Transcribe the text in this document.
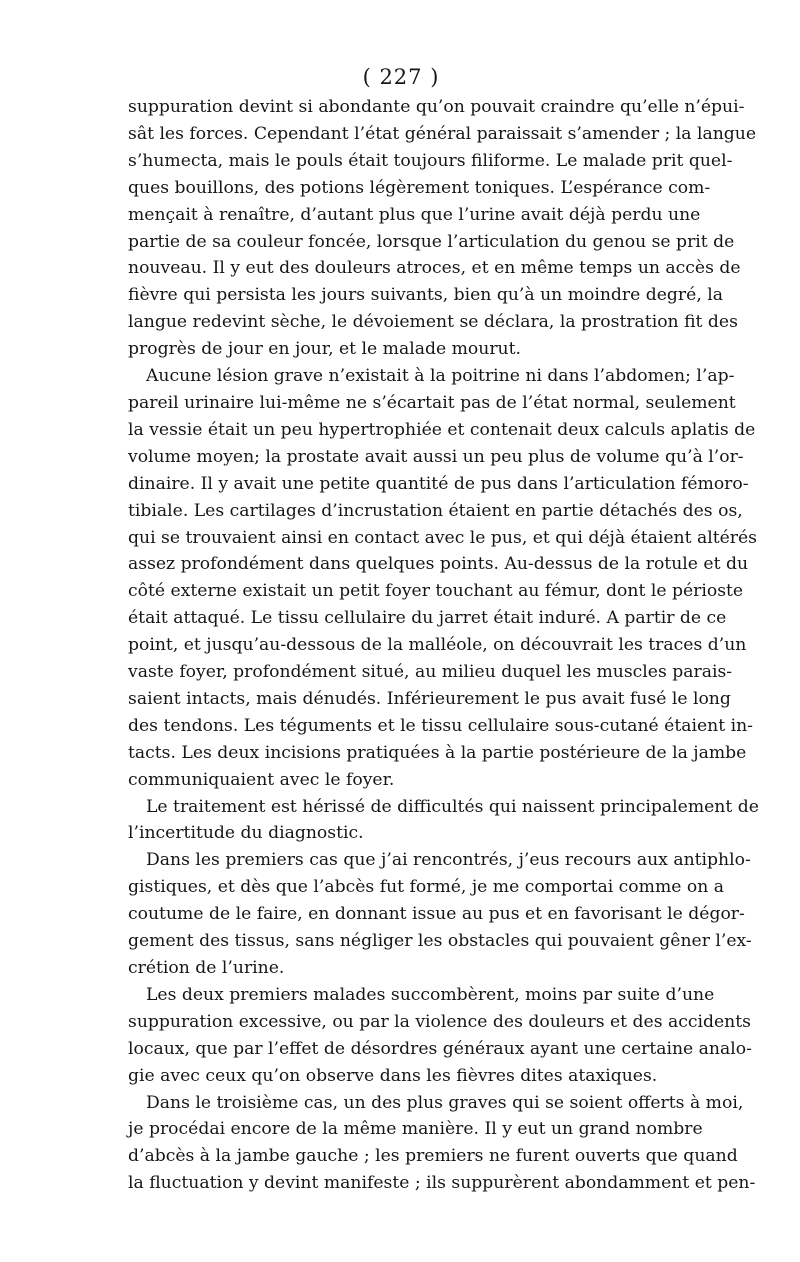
( 227 )
suppuration devint si abondante qu’on pouvait craindre qu’elle n’épui-
sât les forces. Cependant l’état général paraissait s’amender ; la langue
s’humecta, mais le pouls était toujours filiforme. Le malade prit quel-
ques bouillons, des potions légèrement toniques. L’espérance com-
mençait à renaître, d’autant plus que l’urine avait déjà perdu une
partie de sa couleur foncée, lorsque l’articulation du genou se prit de
nouveau. Il y eut des douleurs atroces, et en même temps un accès de
fièvre qui persista les jours suivants, bien qu’à un moindre degré, la
langue redevint sèche, le dévoiement se déclara, la prostration fit des
progrès de jour en jour, et le malade mourut.
Aucune lésion grave n’existait à la poitrine ni dans l’abdomen; l’ap-
pareil urinaire lui-même ne s’écartait pas de l’état normal, seulement
la vessie était un peu hypertrophiée et contenait deux calculs aplatis de
volume moyen; la prostate avait aussi un peu plus de volume qu’à l’or-
dinaire. Il y avait une petite quantité de pus dans l’articulation fémoro-
tibiale. Les cartilages d’incrustation étaient en partie détachés des os,
qui se trouvaient ainsi en contact avec le pus, et qui déjà étaient altérés
assez profondément dans quelques points. Au-dessus de la rotule et du
côté externe existait un petit foyer touchant au fémur, dont le périoste
était attaqué. Le tissu cellulaire du jarret était induré. A partir de ce
point, et jusqu’au-dessous de la malléole, on découvrait les traces d’un
vaste foyer, profondément situé, au milieu duquel les muscles parais-
saient intacts, mais dénudés. Inférieurement le pus avait fusé le long
des tendons. Les téguments et le tissu cellulaire sous-cutané étaient in-
tacts. Les deux incisions pratiquées à la partie postérieure de la jambe
communiquaient avec le foyer.
Le traitement est hérissé de difficultés qui naissent principalement de
l’incertitude du diagnostic.
Dans les premiers cas que j’ai rencontrés, j’eus recours aux antiphlo-
gistiques, et dès que l’abcès fut formé, je me comportai comme on a
coutume de le faire, en donnant issue au pus et en favorisant le dégor-
gement des tissus, sans négliger les obstacles qui pouvaient gêner l’ex-
crétion de l’urine.
Les deux premiers malades succombèrent, moins par suite d’une
suppuration excessive, ou par la violence des douleurs et des accidents
locaux, que par l’effet de désordres généraux ayant une certaine analo-
gie avec ceux qu’on observe dans les fièvres dites ataxiques.
Dans le troisième cas, un des plus graves qui se soient offerts à moi,
je procédai encore de la même manière. Il y eut un grand nombre
d’abcès à la jambe gauche ; les premiers ne furent ouverts que quand
la fluctuation y devint manifeste ; ils suppurèrent abondamment et pen-
